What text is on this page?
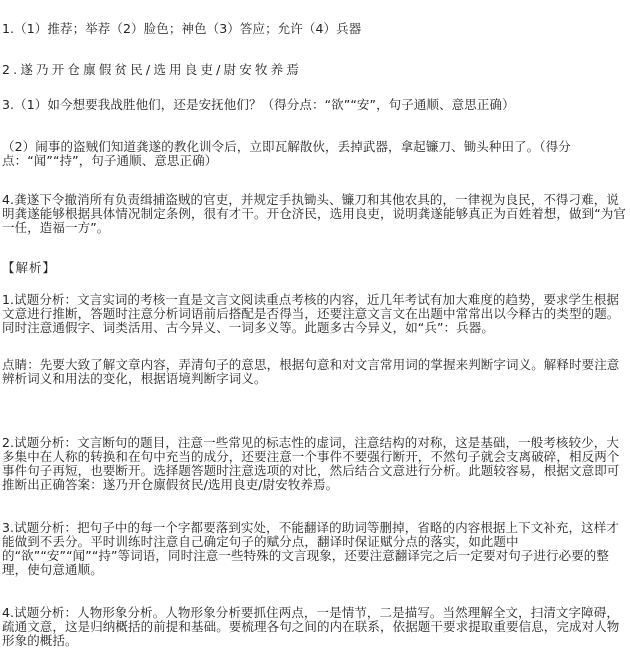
1.（1）推荐；举荐（2）脸色；神色（3）答应；允许（4）兵器
2.遂乃开仓廪假贫民/选用良吏/尉安牧养焉
3.（1）如今想要我战胜他们，还是安抚他们？（得分点：“欲”“安”，句子通顺、意思正确）
（2）闹事的盗贼们知道龚遂的教化训令后，立即瓦解散伙，丢掉武器，拿起镰刀、锄头种田了。（得分点：“闻”“持”，句子通顺、意思正确）
4.龚遂下令撤消所有负责缉捕盗贼的官吏，并规定手执锄头、镰刀和其他农具的，一律视为良民，不得刁难，说明龚遂能够根据具体情况制定条例，很有才干。开仓济民，选用良吏，说明龚遂能够真正为百姓着想，做到“为官一任，造福一方”。
【解析】
1.试题分析：文言实词的考核一直是文言文阅读重点考核的内容，近几年考试有加大难度的趋势，要求学生根据文意进行推断，答题时注意分析词语前后搭配是否得当，还要注意文言文在出题中常常出以今释古的类型的题。同时注意通假字、词类活用、古今异义、一词多义等。此题多古今异义，如“兵”：兵器。
点睛：先要大致了解文章内容，弄清句子的意思，根据句意和对文言常用词的掌握来判断字词义。解释时要注意辨析词义和用法的变化，根据语境判断字词义。
2.试题分析：文言断句的题目，注意一些常见的标志性的虚词，注意结构的对称，这是基础，一般考核较少，大多集中在人称的转换和在句中充当的成分，还要注意一个事件不要强行断开，不然句子就会支离破碎，相反两个事件句子再短，也要断开。选择题答题时注意选项的对比，然后结合文意进行分析。此题较容易，根据文意即可推断出正确答案：遂乃开仓廪假贫民/选用良吏/尉安牧养焉。
3.试题分析：把句子中的每一个字都要落到实处，不能翻译的助词等删掉，省略的内容根据上下文补充，这样才能做到不丢分。平时训练时注意自己确定句子的赋分点，翻译时保证赋分点的落实，如此题中的“欲”“安”“闻”“持”等词语，同时注意一些特殊的文言现象，还要注意翻译完之后一定要对句子进行必要的整理，使句意通顺。
4.试题分析：人物形象分析。人物形象分析要抓住两点，一是情节，二是描写。当然理解全文，扫清文字障碍，疏通文意，这是归纳概括的前提和基础。要梳理各句之间的内在联系，依据题干要求提取重要信息，完成对人物形象的概括。
